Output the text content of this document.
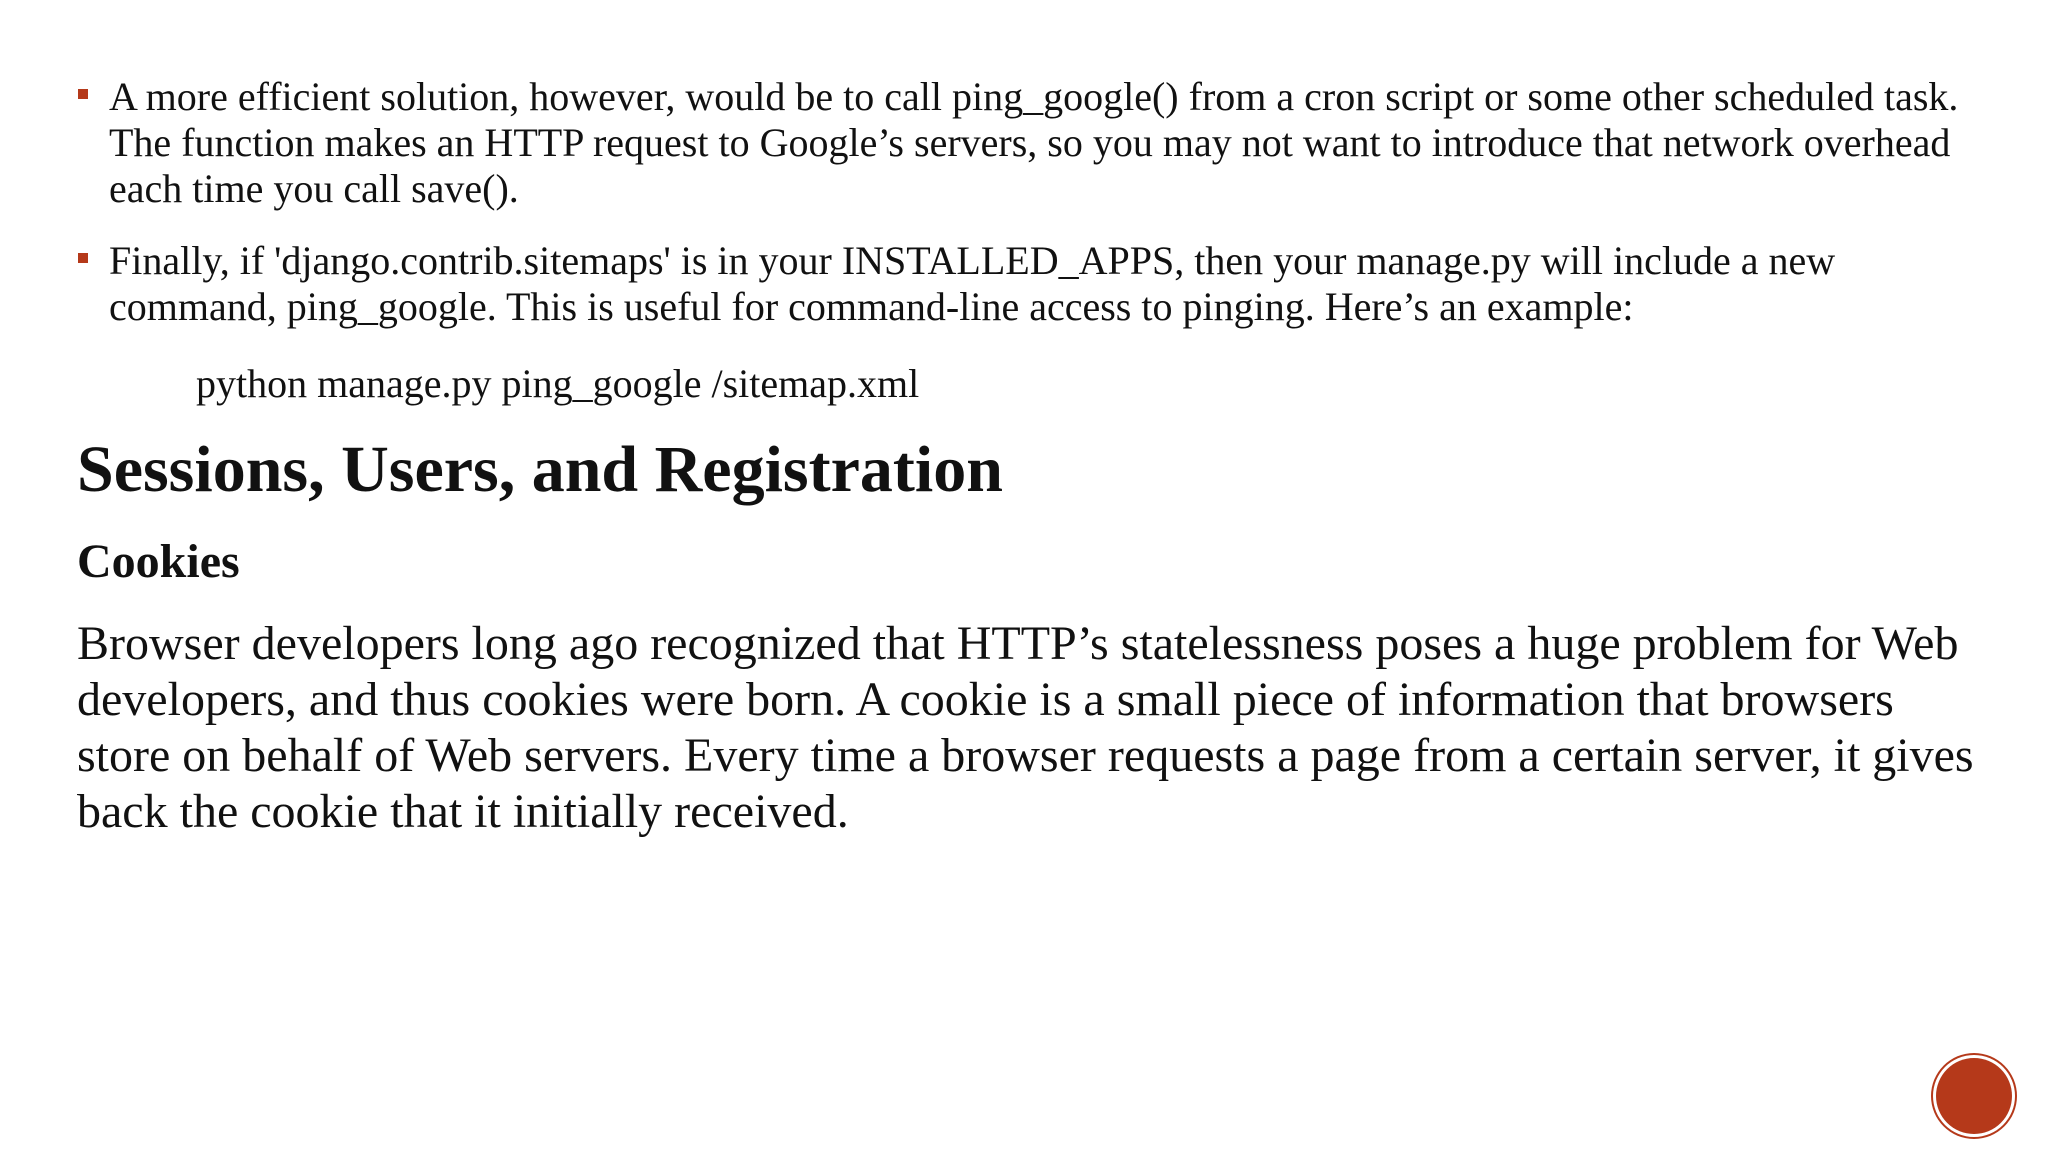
A more efficient solution, however, would be to call ping_google() from a cron script or some other scheduled task. The function makes an HTTP request to Google’s servers, so you may not want to introduce that network overhead each time you call save().
Finally, if 'django.contrib.sitemaps' is in your INSTALLED_APPS, then your manage.py will include a new command, ping_google. This is useful for command-line access to pinging. Here’s an example:
python manage.py ping_google /sitemap.xml
Sessions, Users, and Registration
Cookies

Browser developers long ago recognized that HTTP’s statelessness poses a huge problem for Web developers, and thus cookies were born. A cookie is a small piece of information that browsers store on behalf of Web servers. Every time a browser requests a page from a certain server, it gives back the cookie that it initially received.
